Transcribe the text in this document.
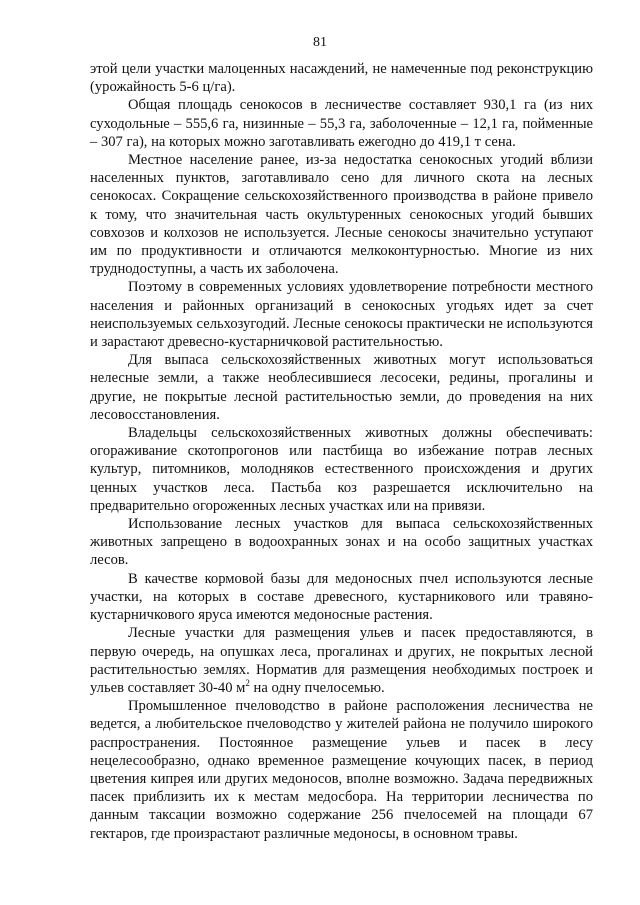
81

этой цели участки малоценных насаждений, не намеченные под реконструкцию (урожайность 5-6 ц/га).

Общая площадь сенокосов в лесничестве составляет 930,1 га (из них суходольные – 555,6 га, низинные – 55,3 га, заболоченные – 12,1 га, пойменные – 307 га), на которых можно заготавливать ежегодно до 419,1 т сена.

Местное население ранее, из-за недостатка сенокосных угодий вблизи населенных пунктов, заготавливало сено для личного скота на лесных сенокосах. Сокращение сельскохозяйственного производства в районе привело к тому, что значительная часть окультуренных сенокосных угодий бывших совхозов и колхозов не используется. Лесные сенокосы значительно уступают им по продуктивности и отличаются мелкоконтурностью. Многие из них труднодоступны, а часть их заболочена.

Поэтому в современных условиях удовлетворение потребности местного населения и районных организаций в сенокосных угодьях идет за счет неиспользуемых сельхозугодий. Лесные сенокосы практически не используются и зарастают древесно-кустарничковой растительностью.

Для выпаса сельскохозяйственных животных могут использоваться нелесные земли, а также необлесившиеся лесосеки, редины, прогалины и другие, не покрытые лесной растительностью земли, до проведения на них лесовосстановления.

Владельцы сельскохозяйственных животных должны обеспечивать: огораживание скотопрогонов или пастбища во избежание потрав лесных культур, питомников, молодняков естественного происхождения и других ценных участков леса. Пастьба коз разрешается исключительно на предварительно огороженных лесных участках или на привязи.

Использование лесных участков для выпаса сельскохозяйственных животных запрещено в водоохранных зонах и на особо защитных участках лесов.

В качестве кормовой базы для медоносных пчел используются лесные участки, на которых в составе древесного, кустарникового или травяно-кустарничкового яруса имеются медоносные растения.

Лесные участки для размещения ульев и пасек предоставляются, в первую очередь, на опушках леса, прогалинах и других, не покрытых лесной растительностью землях. Норматив для размещения необходимых построек и ульев составляет 30-40 $м^2$ на одну пчелосемью.

Промышленное пчеловодство в районе расположения лесничества не ведется, а любительское пчеловодство у жителей района не получило широкого распространения. Постоянное размещение ульев и пасек в лесу нецелесообразно, однако временное размещение кочующих пасек, в период цветения кипрея или других медоносов, вполне возможно. Задача передвижных пасек приблизить их к местам медосбора. На территории лесничества по данным таксации возможно содержание 256 пчелосемей на площади 67 гектаров, где произрастают различные медоносы, в основном травы.
